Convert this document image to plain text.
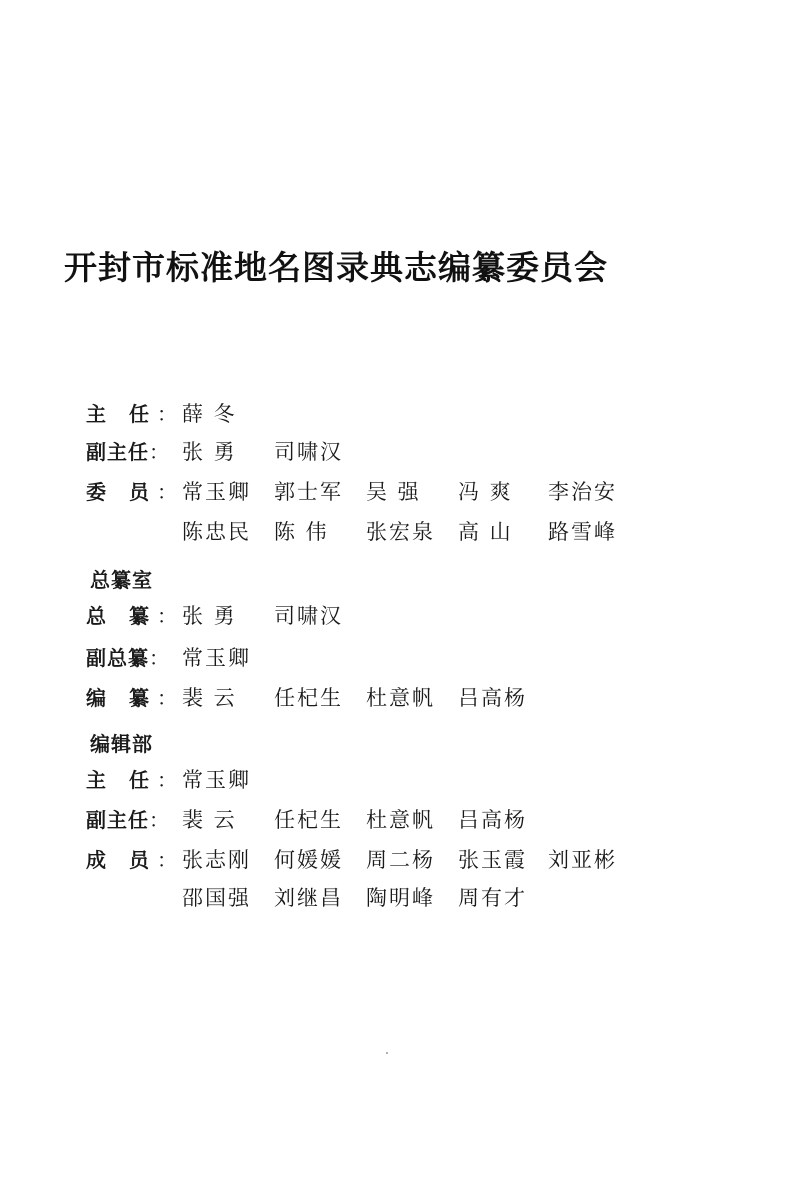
开封市标准地名图录典志编纂委员会
主 任： 薛 冬
副主任： 张 勇 司啸汉
委 员： 常玉卿 郭士军 吴 强 冯 爽 李治安
陈忠民 陈 伟 张宏泉 高 山 路雪峰
总纂室
总 纂： 张 勇 司啸汉
副总纂： 常玉卿
编 纂： 裴 云 任杞生 杜意帆 吕高杨
编辑部
主 任： 常玉卿
副主任： 裴 云 任杞生 杜意帆 吕高杨
成 员： 张志刚 何媛媛 周二杨 张玉霞 刘亚彬
邵国强 刘继昌 陶明峰 周有才
